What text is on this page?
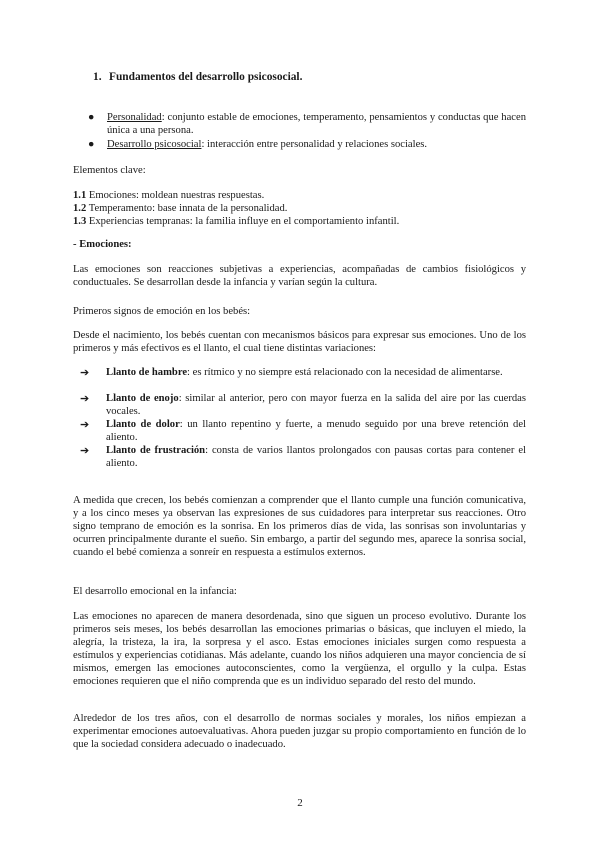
1. Fundamentos del desarrollo psicosocial.
● Personalidad: conjunto estable de emociones, temperamento, pensamientos y conductas que hacen única a una persona.

● Desarrollo psicosocial: interacción entre personalidad y relaciones sociales.

Elementos clave:

1.1 Emociones: moldean nuestras respuestas.

1.2 Temperamento: base innata de la personalidad.

1.3 Experiencias tempranas: la familia influye en el comportamiento infantil.

- Emociones:

Las emociones son reacciones subjetivas a experiencias, acompañadas de cambios fisiológicos y conductuales. Se desarrollan desde la infancia y varían según la cultura.

Primeros signos de emoción en los bebés:

Desde el nacimiento, los bebés cuentan con mecanismos básicos para expresar sus emociones. Uno de los primeros y más efectivos es el llanto, el cual tiene distintas variaciones:

➔ Llanto de hambre: es rítmico y no siempre está relacionado con la necesidad de alimentarse.

➔ Llanto de enojo: similar al anterior, pero con mayor fuerza en la salida del aire por las cuerdas vocales.

➔ Llanto de dolor: un llanto repentino y fuerte, a menudo seguido por una breve retención del aliento.

➔ Llanto de frustración: consta de varios llantos prolongados con pausas cortas para contener el aliento.

A medida que crecen, los bebés comienzan a comprender que el llanto cumple una función comunicativa, y a los cinco meses ya observan las expresiones de sus cuidadores para interpretar sus reacciones. Otro signo temprano de emoción es la sonrisa. En los primeros días de vida, las sonrisas son involuntarias y ocurren principalmente durante el sueño. Sin embargo, a partir del segundo mes, aparece la sonrisa social, cuando el bebé comienza a sonreír en respuesta a estímulos externos.

El desarrollo emocional en la infancia:

Las emociones no aparecen de manera desordenada, sino que siguen un proceso evolutivo. Durante los primeros seis meses, los bebés desarrollan las emociones primarias o básicas, que incluyen el miedo, la alegría, la tristeza, la ira, la sorpresa y el asco. Estas emociones iniciales surgen como respuesta a estímulos y experiencias cotidianas. Más adelante, cuando los niños adquieren una mayor conciencia de sí mismos, emergen las emociones autoconscientes, como la vergüenza, el orgullo y la culpa. Estas emociones requieren que el niño comprenda que es un individuo separado del resto del mundo.

Alrededor de los tres años, con el desarrollo de normas sociales y morales, los niños empiezan a experimentar emociones autoevaluativas. Ahora pueden juzgar su propio comportamiento en función de lo que la sociedad considera adecuado o inadecuado.

2
